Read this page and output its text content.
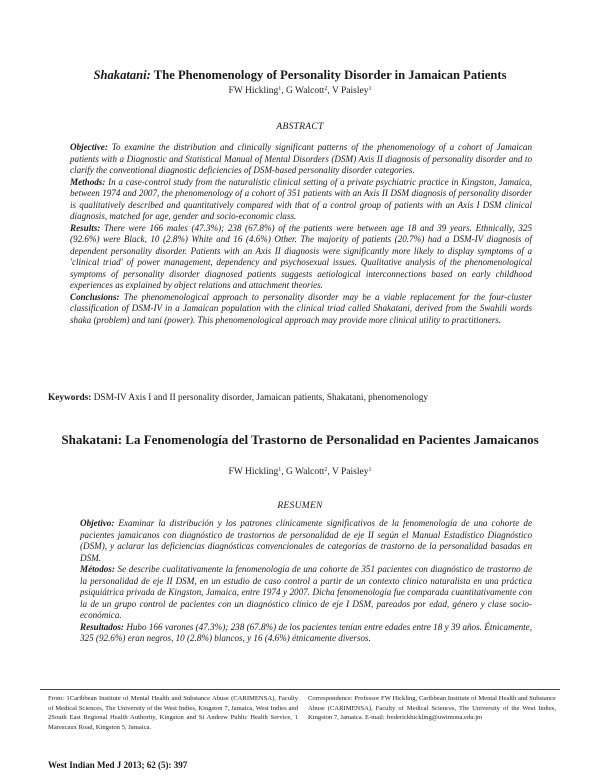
Shakatani: The Phenomenology of Personality Disorder in Jamaican Patients
FW Hickling$^1$, G Walcott$^2$, V Paisley$^1$
ABSTRACT

Objective: To examine the distribution and clinically significant patterns of the phenomenology of a cohort of Jamaican patients with a Diagnostic and Statistical Manual of Mental Disorders (DSM) Axis II diagnosis of personality disorder and to clarify the conventional diagnostic deficiencies of DSM-based personality disorder categories.

Methods: In a case-control study from the naturalistic clinical setting of a private psychiatric practice in Kingston, Jamaica, between 1974 and 2007, the phenomenology of a cohort of 351 patients with an Axis II DSM diagnosis of personality disorder is qualitatively described and quantitatively compared with that of a control group of patients with an Axis I DSM clinical diagnosis, matched for age, gender and socio-economic class.

Results: There were 166 males (47.3%); 238 (67.8%) of the patients were between age 18 and 39 years. Ethnically, 325 (92.6%) were Black, 10 (2.8%) White and 16 (4.6%) Other. The majority of patients (20.7%) had a DSM-IV diagnosis of dependent personality disorder. Patients with an Axis II diagnosis were significantly more likely to display symptoms of a 'clinical triad' of power management, dependency and psychosexual issues. Qualitative analysis of the phenomenological symptoms of personality disorder diagnosed patients suggests aetiological interconnections based on early childhood experiences as explained by object relations and attachment theories.

Conclusions: The phenomenological approach to personality disorder may be a viable replacement for the four-cluster classification of DSM-IV in a Jamaican population with the clinical triad called Shakatani, derived from the Swahili words shaka (problem) and tani (power). This phenomenological approach may provide more clinical utility to practitioners.

Keywords: DSM-IV Axis I and II personality disorder, Jamaican patients, Shakatani, phenomenology
Shakatani: La Fenomenología del Trastorno de Personalidad en Pacientes Jamaicanos
FW Hickling$^1$, G Walcott$^2$, V Paisley$^1$
RESUMEN

Objetivo: Examinar la distribución y los patrones clínicamente significativos de la fenomenología de una cohorte de pacientes jamaicanos con diagnóstico de trastornos de personalidad de eje II según el Manual Estadístico Diagnóstico (DSM), y aclarar las deficiencias diagnósticas convencionales de categorías de trastorno de la personalidad basadas en DSM.

Métodos: Se describe cualitativamente la fenomenología de una cohorte de 351 pacientes con diagnóstico de trastorno de la personalidad de eje II DSM, en un estudio de caso control a partir de un contexto clínico naturalista en una práctica psiquiátrica privada de Kingston, Jamaica, entre 1974 y 2007. Dicha fenomenología fue comparada cuantitativamente con la de un grupo control de pacientes con un diagnóstico clínico de eje I DSM, pareados por edad, género y clase socio-económica.

Resultados: Hubo 166 varones (47.3%); 238 (67.8%) de los pacientes tenían entre edades entre 18 y 39 años. Étnicamente, 325 (92.6%) eran negros, 10 (2.8%) blancos, y 16 (4.6%) étnicamente diversos.

From: 1Caribbean Institute of Mental Health and Substance Abuse (CARIMENSA), Faculty of Medical Sciences, The University of the West Indies, Kingston 7, Jamaica, West Indies and 2South East Regional Health Authority, Kingston and St Andrew Public Health Service, 1 Marescaux Road, Kingston 5, Jamaica.
Correspondence: Professor FW Hickling, Caribbean Institute of Mental Health and Substance Abuse (CARIMENSA), Faculty of Medical Sciences, The University of the West Indies, Kingston 7, Jamaica. E-mail: frederickhickling@uwimona.edu.jm
West Indian Med J 2013; 62 (5): 397
